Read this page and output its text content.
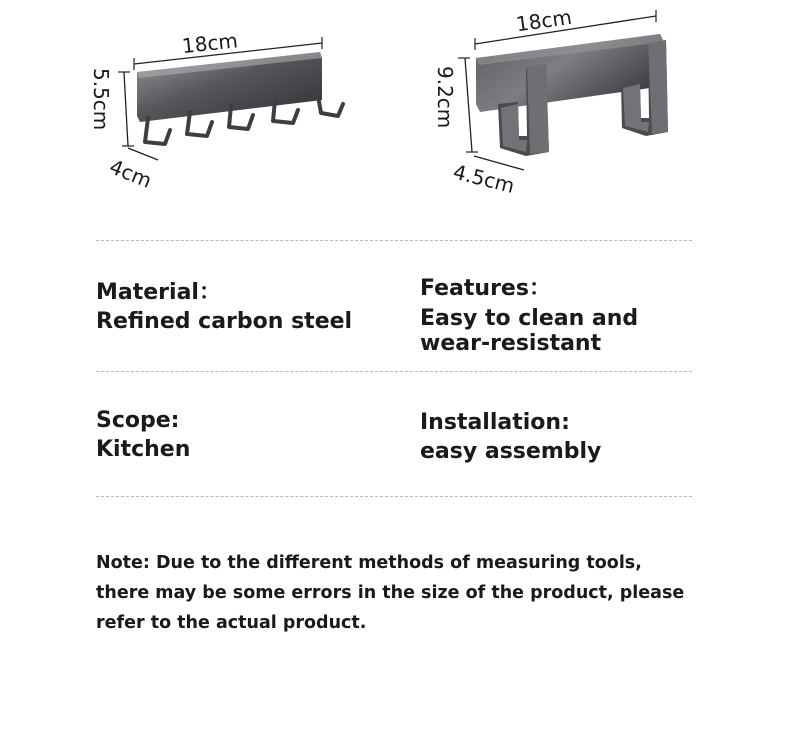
18cm
5.5cm
4cm
18cm
9.2cm
4.5cm
Material：
Refined carbon steel
Features：
Easy to clean and
wear-resistant
Scope:
Kitchen
Installation:
easy assembly
Note: Due to the different methods of measuring tools,
there may be some errors in the size of the product, please
refer to the actual product.
